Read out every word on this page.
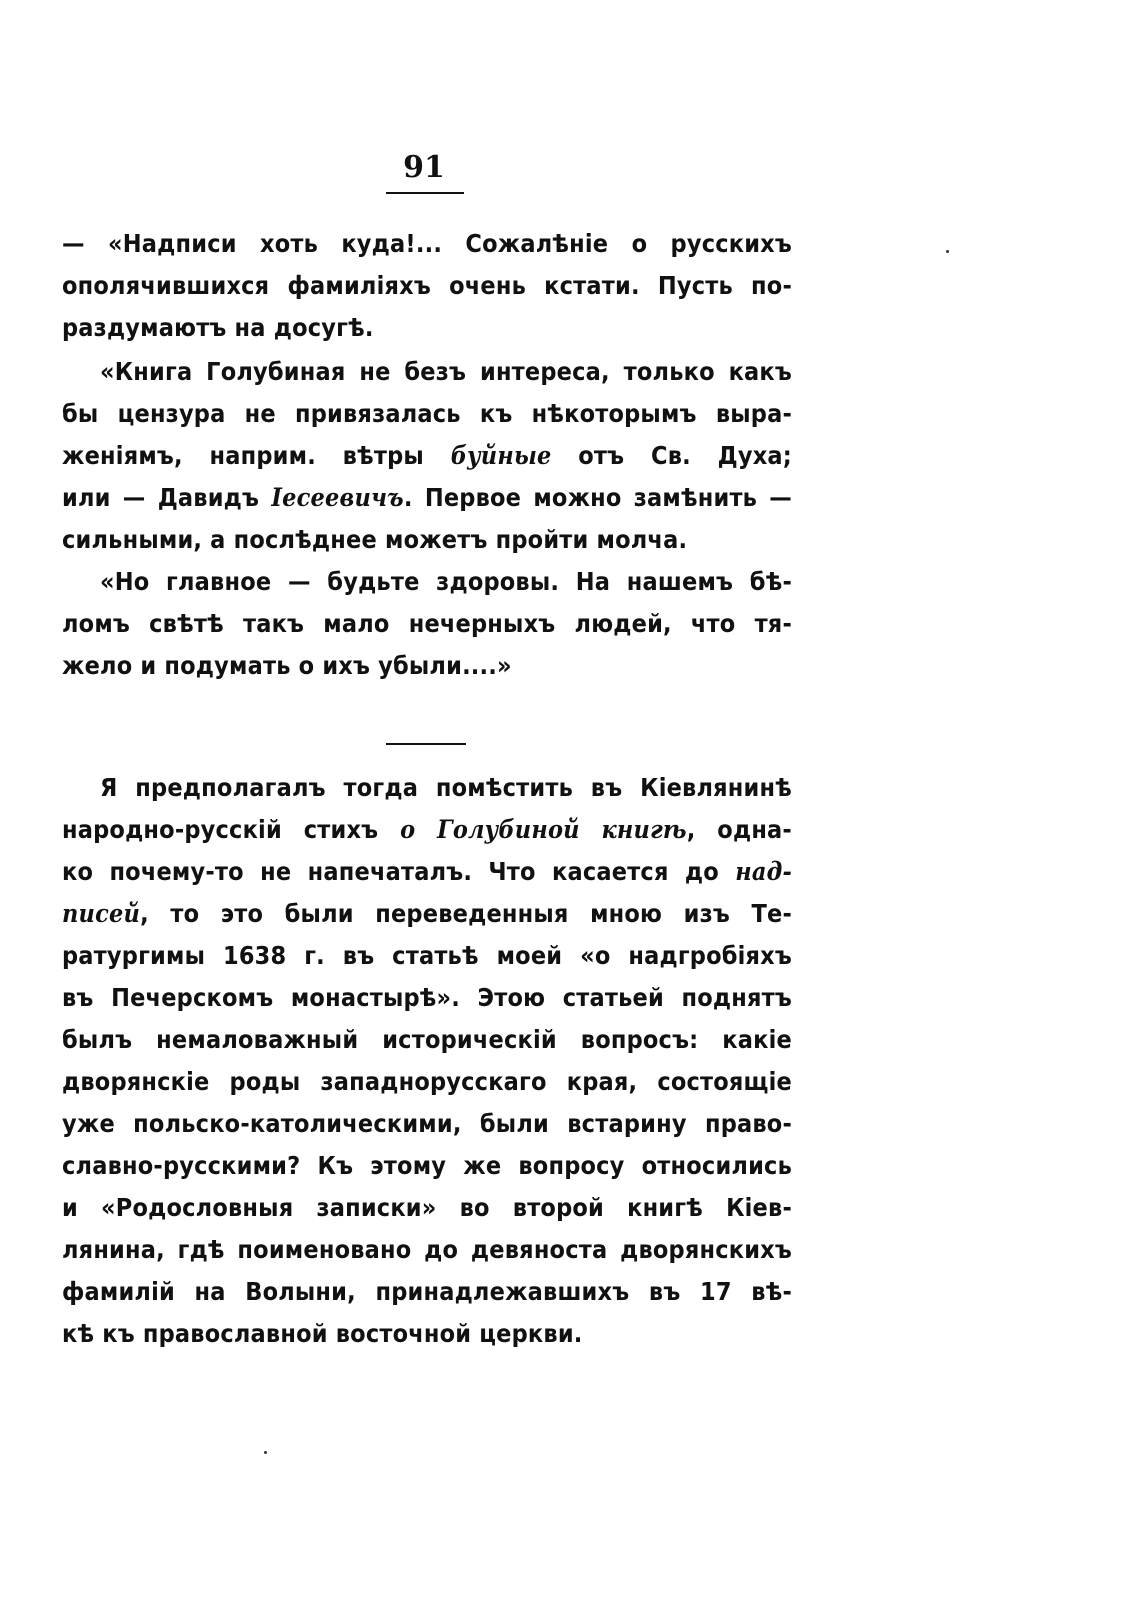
91
— «Надписи хоть куда!... Сожалѣніе о русскихъ
ополячившихся фамиліяхъ очень кстати. Пусть по-
раздумаютъ на досугѣ.
«Книга Голубиная не безъ интереса, только какъ
бы цензура не привязалась къ нѣкоторымъ выра-
женіямъ, наприм. вѣтры буйные отъ Св. Духа;
или — Давидъ Iесеевичъ. Первое можно замѣнить —
сильными, а послѣднее можетъ пройти молча.
«Но главное — будьте здоровы. На нашемъ бѣ-
ломъ свѣтѣ такъ мало нечерныхъ людей, что тя-
жело и подумать о ихъ убыли....»
Я предполагалъ тогда помѣстить въ Кіевлянинѣ
народно-русскій стихъ о Голубиной книгѣ, одна-
ко почему-то не напечаталъ. Что касается до над-
писей, то это были переведенныя мною изъ Те-
ратургимы 1638 г. въ статьѣ моей «о надгробіяхъ
въ Печерскомъ монастырѣ». Этою статьей поднятъ
былъ немаловажный историческій вопросъ: какіе
дворянскіе роды западнорусскаго края, состоящіе
уже польско-католическими, были встарину право-
славно-русскими? Къ этому же вопросу относились
и «Родословныя записки» во второй книгѣ Кіев-
лянина, гдѣ поименовано до девяноста дворянскихъ
фамилій на Волыни, принадлежавшихъ въ 17 вѣ-
кѣ къ православной восточной церкви.
